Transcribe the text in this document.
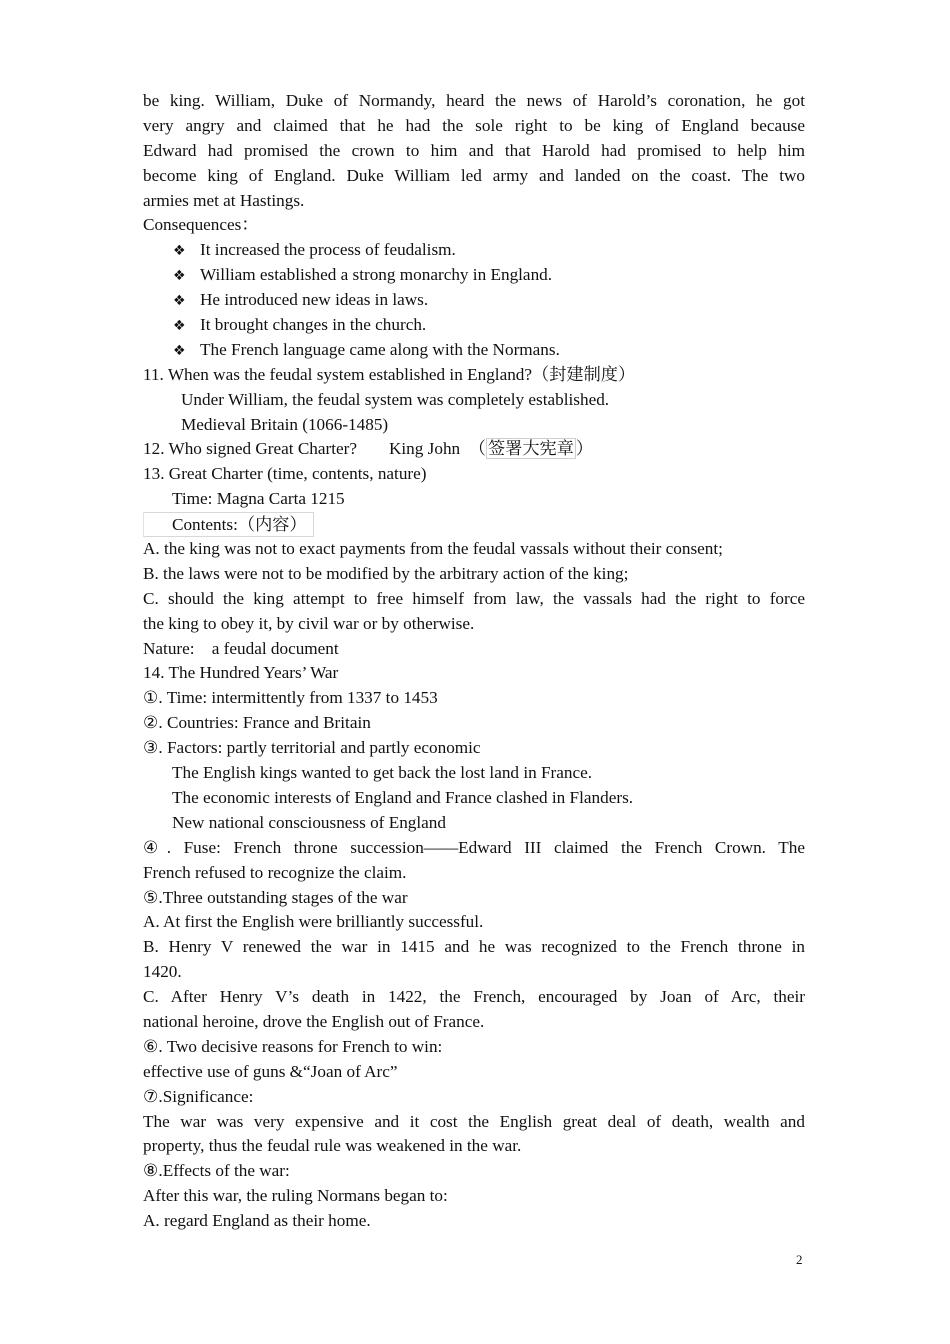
be king. William, Duke of Normandy, heard the news of Harold’s coronation, he got
very angry and claimed that he had the sole right to be king of England because
Edward had promised the crown to him and that Harold had promised to help him
become king of England. Duke William led army and landed on the coast. The two
armies met at Hastings.
Consequences：
❖ It increased the process of feudalism.
❖ William established a strong monarchy in England.
❖ He introduced new ideas in laws.
❖ It brought changes in the church.
❖ The French language came along with the Normans.
11. When was the feudal system established in England?（封建制度）
Under William, the feudal system was completely established.
Medieval Britain (1066-1485)
12. Who signed Great Charter? King John （ 签署大宪章 ）
13. Great Charter (time, contents, nature)
Time: Magna Carta 1215
Contents:（内容）
A. the king was not to exact payments from the feudal vassals without their consent;
B. the laws were not to be modified by the arbitrary action of the king;
C. should the king attempt to free himself from law, the vassals had the right to force
the king to obey it, by civil war or by otherwise.
Nature:    a feudal document
14. The Hundred Years’ War
①. Time: intermittently from 1337 to 1453
②. Countries: France and Britain
③. Factors: partly territorial and partly economic
The English kings wanted to get back the lost land in France.
The economic interests of England and France clashed in Flanders.
New national consciousness of England
④. Fuse: French throne succession——Edward III claimed the French Crown. The
French refused to recognize the claim.
⑤.Three outstanding stages of the war
A. At first the English were brilliantly successful.
B. Henry V renewed the war in 1415 and he was recognized to the French throne in
1420.
C. After Henry V’s death in 1422, the French, encouraged by Joan of Arc, their
national heroine, drove the English out of France.
⑥. Two decisive reasons for French to win:
effective use of guns &“Joan of Arc”
⑦.Significance:
The war was very expensive and it cost the English great deal of death, wealth and
property, thus the feudal rule was weakened in the war.
⑧.Effects of the war:
After this war, the ruling Normans began to:
A. regard England as their home.
2
